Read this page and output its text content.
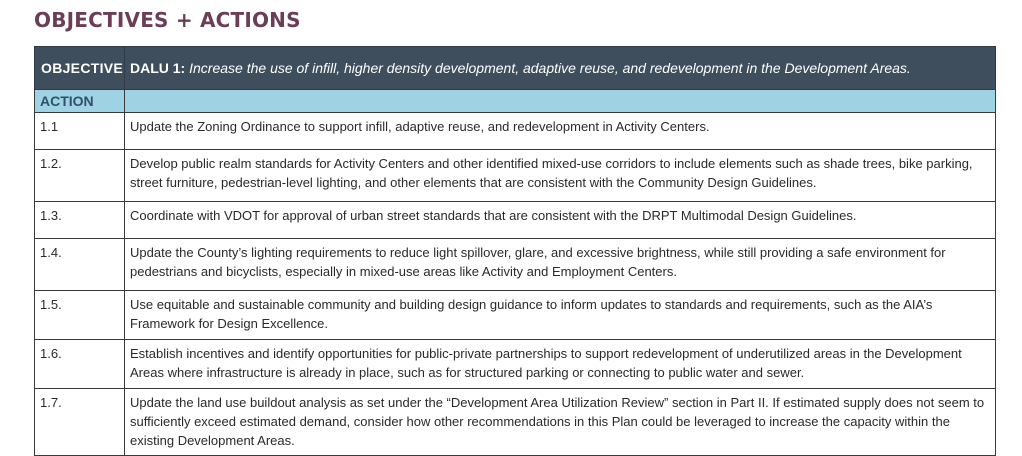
OBJECTIVES + ACTIONS
OBJECTIVE	DALU 1: Increase the use of infill, higher density development, adaptive reuse, and redevelopment in the Development Areas.
ACTION	
1.1	Update the Zoning Ordinance to support infill, adaptive reuse, and redevelopment in Activity Centers.
1.2.	Develop public realm standards for Activity Centers and other identified mixed-use corridors to include elements such as shade trees, bike parking, street furniture, pedestrian-level lighting, and other elements that are consistent with the Community Design Guidelines.
1.3.	Coordinate with VDOT for approval of urban street standards that are consistent with the DRPT Multimodal Design Guidelines.
1.4.	Update the County’s lighting requirements to reduce light spillover, glare, and excessive brightness, while still providing a safe environment for pedestrians and bicyclists, especially in mixed-use areas like Activity and Employment Centers.
1.5.	Use equitable and sustainable community and building design guidance to inform updates to standards and requirements, such as the AIA’s Framework for Design Excellence.
1.6.	Establish incentives and identify opportunities for public-private partnerships to support redevelopment of underutilized areas in the Development Areas where infrastructure is already in place, such as for structured parking or connecting to public water and sewer.
1.7.	Update the land use buildout analysis as set under the “Development Area Utilization Review” section in Part II. If estimated supply does not seem to sufficiently exceed estimated demand, consider how other recommendations in this Plan could be leveraged to increase the capacity within the existing Development Areas.
